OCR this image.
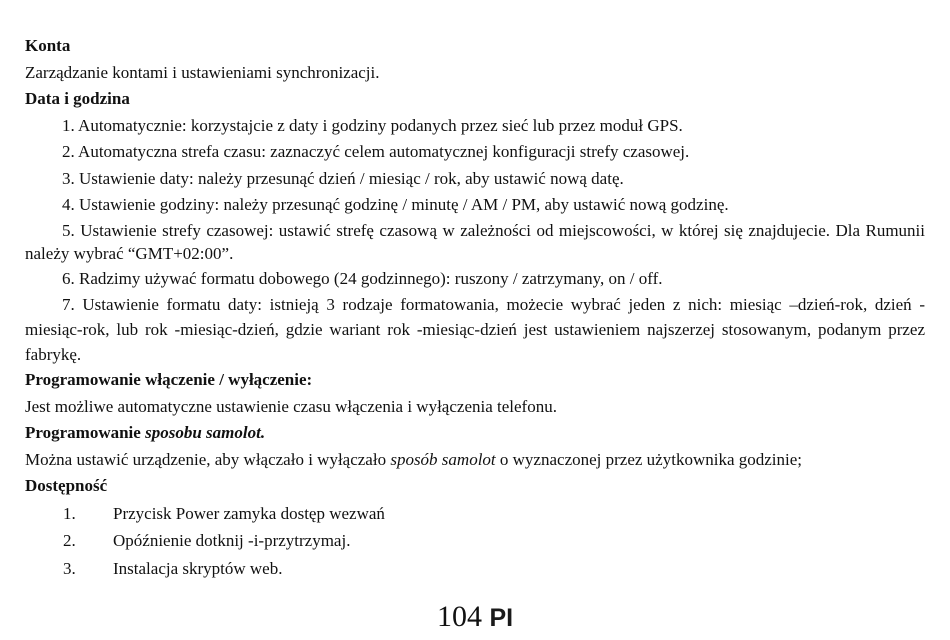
Konta

Zarządzanie kontami i ustawieniami synchronizacji.

Data i godzina

1. Automatycznie: korzystajcie z daty i godziny podanych przez sieć lub przez moduł GPS.

2. Automatyczna strefa czasu: zaznaczyć celem automatycznej konfiguracji strefy czasowej.

3. Ustawienie daty: należy przesunąć dzień / miesiąc / rok, aby ustawić nową datę.

4. Ustawienie godziny: należy przesunąć godzinę / minutę / AM / PM, aby ustawić nową godzinę.

5. Ustawienie strefy czasowej: ustawić strefę czasową w zależności od miejscowości, w której się znajdujecie. Dla Rumunii należy wybrać “GMT+02:00”.

6. Radzimy używać formatu dobowego (24 godzinnego): ruszony / zatrzymany, on / off.

7. Ustawienie formatu daty: istnieją 3 rodzaje formatowania, możecie wybrać jeden z nich: miesiąc –dzień-rok, dzień -miesiąc-rok, lub rok -miesiąc-dzień, gdzie wariant rok -miesiąc-dzień jest ustawieniem najszerzej stosowanym, podanym przez fabrykę.

Programowanie włączenie / wyłączenie:

Jest możliwe automatyczne ustawienie czasu włączenia i wyłączenia telefonu.

Programowanie sposobu samolot.

Można ustawić urządzenie, aby włączało i wyłączało sposób samolot o wyznaczonej przez użytkownika godzinie;

Dostępność

1.	Przycisk Power zamyka dostęp wezwań
2.	Opóźnienie dotknij -i-przytrzymaj.
3.	Instalacja skryptów web.
104 PI
